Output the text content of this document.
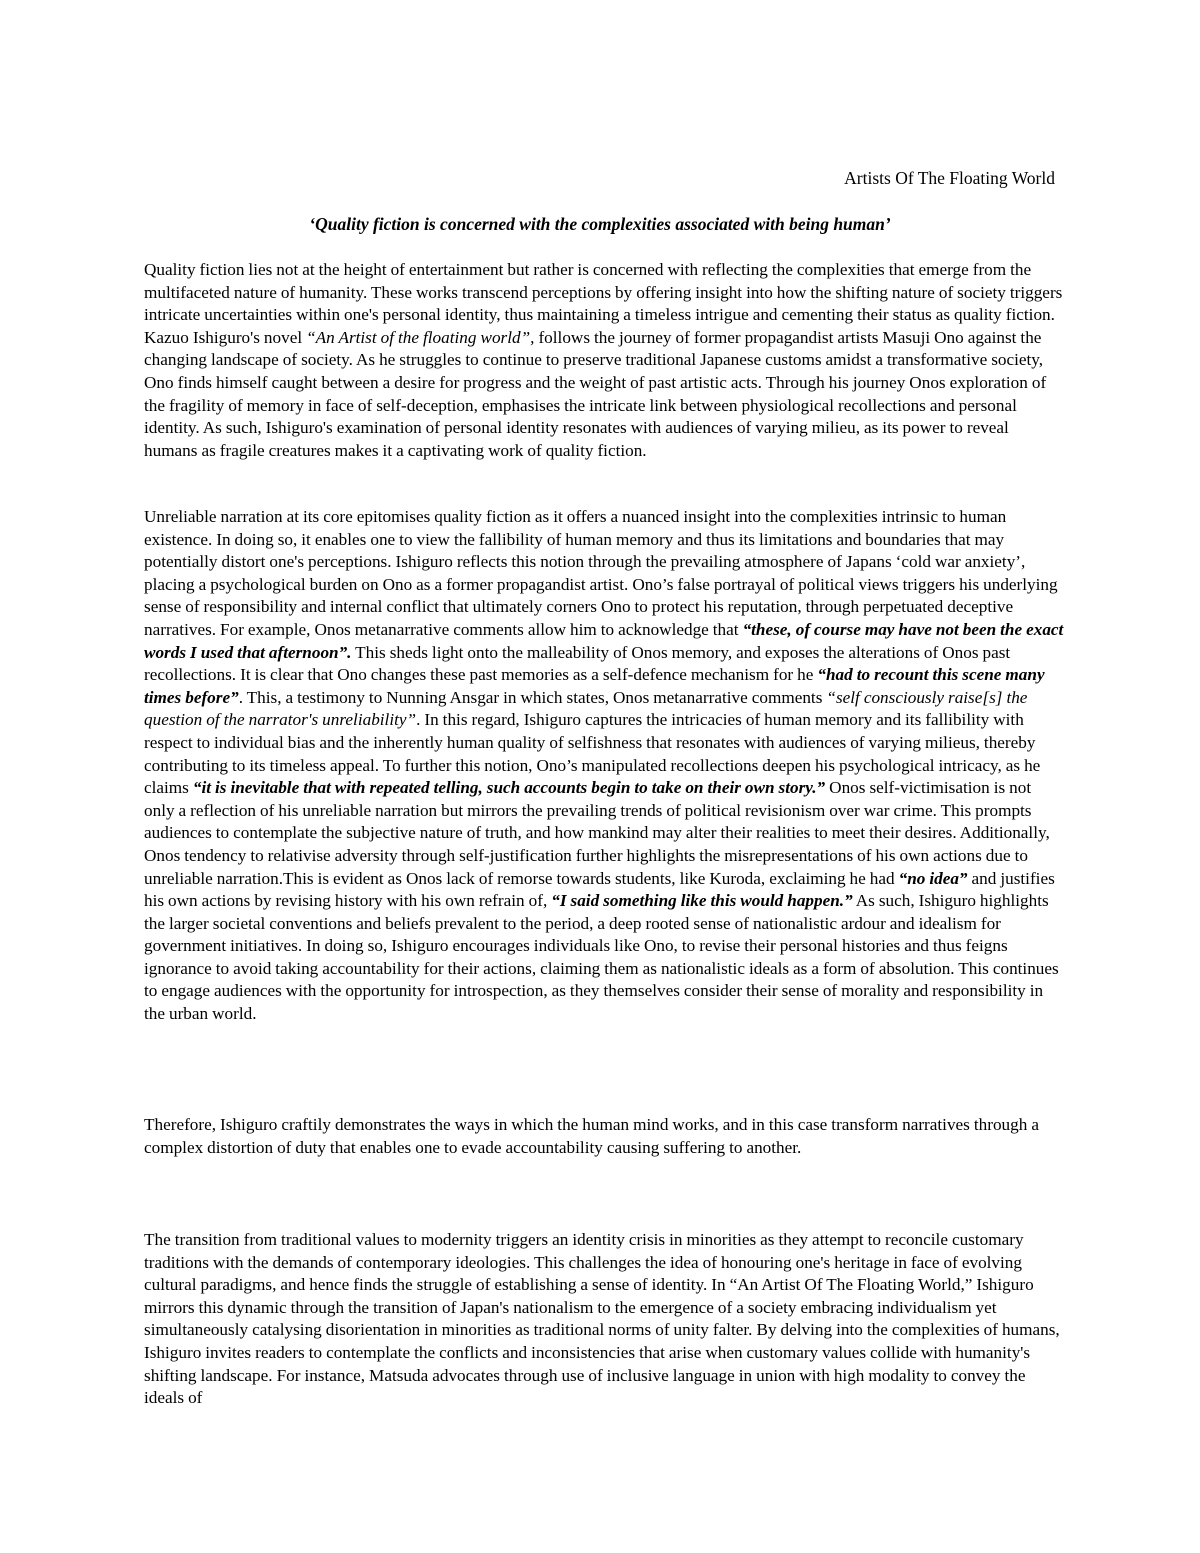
Artists Of The Floating World
‘Quality fiction is concerned with the complexities associated with being human’

Quality fiction lies not at the height of entertainment but rather is concerned with reflecting the complexities that emerge from the multifaceted nature of humanity. These works transcend perceptions by offering insight into how the shifting nature of society triggers intricate uncertainties within one's personal identity, thus maintaining a timeless intrigue and cementing their status as quality fiction. Kazuo Ishiguro's novel “An Artist of the floating world”, follows the journey of former propagandist artists Masuji Ono against the changing landscape of society. As he struggles to continue to preserve traditional Japanese customs amidst a transformative society, Ono finds himself caught between a desire for progress and the weight of past artistic acts. Through his journey Onos exploration of the fragility of memory in face of self-deception, emphasises the intricate link between physiological recollections and personal identity. As such, Ishiguro's examination of personal identity resonates with audiences of varying milieu, as its power to reveal humans as fragile creatures makes it a captivating work of quality fiction.

Unreliable narration at its core epitomises quality fiction as it offers a nuanced insight into the complexities intrinsic to human existence. In doing so, it enables one to view the fallibility of human memory and thus its limitations and boundaries that may potentially distort one's perceptions. Ishiguro reflects this notion through the prevailing atmosphere of Japans ‘cold war anxiety’, placing a psychological burden on Ono as a former propagandist artist. Ono’s false portrayal of political views triggers his underlying sense of responsibility and internal conflict that ultimately corners Ono to protect his reputation, through perpetuated deceptive narratives. For example, Onos metanarrative comments allow him to acknowledge that “these, of course may have not been the exact words I used that afternoon”. This sheds light onto the malleability of Onos memory, and exposes the alterations of Onos past recollections. It is clear that Ono changes these past memories as a self-defence mechanism for he “had to recount this scene many times before”. This, a testimony to Nunning Ansgar in which states, Onos metanarrative comments “self consciously raise[s] the question of the narrator's unreliability”. In this regard, Ishiguro captures the intricacies of human memory and its fallibility with respect to individual bias and the inherently human quality of selfishness that resonates with audiences of varying milieus, thereby contributing to its timeless appeal. To further this notion, Ono’s manipulated recollections deepen his psychological intricacy, as he claims “it is inevitable that with repeated telling, such accounts begin to take on their own story.” Onos self-victimisation is not only a reflection of his unreliable narration but mirrors the prevailing trends of political revisionism over war crime. This prompts audiences to contemplate the subjective nature of truth, and how mankind may alter their realities to meet their desires. Additionally, Onos tendency to relativise adversity through self-justification further highlights the misrepresentations of his own actions due to unreliable narration.This is evident as Onos lack of remorse towards students, like Kuroda, exclaiming he had “no idea” and justifies his own actions by revising history with his own refrain of, “I said something like this would happen.” As such, Ishiguro highlights the larger societal conventions and beliefs prevalent to the period, a deep rooted sense of nationalistic ardour and idealism for government initiatives. In doing so, Ishiguro encourages individuals like Ono, to revise their personal histories and thus feigns ignorance to avoid taking accountability for their actions, claiming them as nationalistic ideals as a form of absolution. This continues to engage audiences with the opportunity for introspection, as they themselves consider their sense of morality and responsibility in the urban world.

Therefore, Ishiguro craftily demonstrates the ways in which the human mind works, and in this case transform narratives through a complex distortion of duty that enables one to evade accountability causing suffering to another.

The transition from traditional values to modernity triggers an identity crisis in minorities as they attempt to reconcile customary traditions with the demands of contemporary ideologies. This challenges the idea of honouring one's heritage in face of evolving cultural paradigms, and hence finds the struggle of establishing a sense of identity. In “An Artist Of The Floating World,” Ishiguro mirrors this dynamic through the transition of Japan's nationalism to the emergence of a society embracing individualism yet simultaneously catalysing disorientation in minorities as traditional norms of unity falter. By delving into the complexities of humans, Ishiguro invites readers to contemplate the conflicts and inconsistencies that arise when customary values collide with humanity's shifting landscape. For instance, Matsuda advocates through use of inclusive language in union with high modality to convey the ideals of
